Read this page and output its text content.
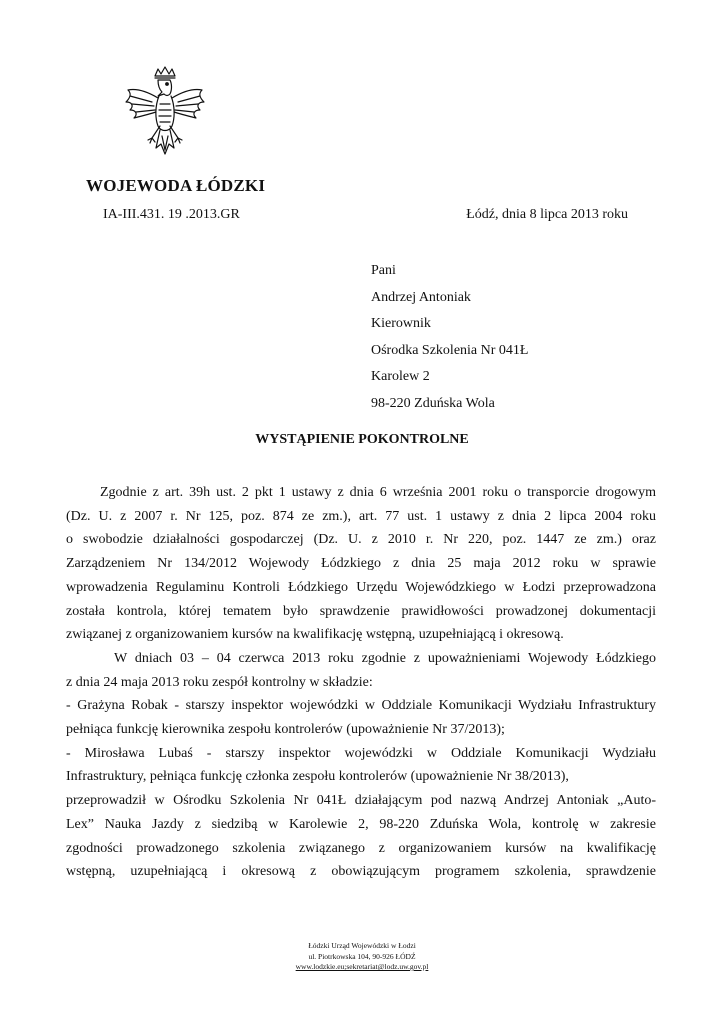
WOJEWODA ŁÓDZKI
IA-III.431. 19 .2013.GR	Łódź, dnia 8 lipca 2013 roku
Pani
Andrzej Antoniak
Kierownik
Ośrodka Szkolenia Nr 041Ł
Karolew 2
98-220 Zduńska Wola
WYSTĄPIENIE POKONTROLNE

Zgodnie z art. 39h ust. 2 pkt 1 ustawy z dnia 6 września 2001 roku o transporcie drogowym

(Dz. U. z 2007 r. Nr 125, poz. 874 ze zm.), art. 77 ust. 1 ustawy z dnia 2 lipca 2004 roku

o swobodzie działalności gospodarczej (Dz. U. z 2010 r. Nr 220, poz. 1447 ze zm.) oraz

Zarządzeniem Nr 134/2012 Wojewody Łódzkiego z dnia 25 maja 2012 roku w sprawie

wprowadzenia Regulaminu Kontroli Łódzkiego Urzędu Wojewódzkiego w Łodzi przeprowadzona

została kontrola, której tematem było sprawdzenie prawidłowości prowadzonej dokumentacji

związanej z organizowaniem kursów na kwalifikację wstępną, uzupełniającą i okresową.

W dniach 03 – 04 czerwca 2013 roku zgodnie z upoważnieniami Wojewody Łódzkiego

z dnia 24 maja 2013 roku zespół kontrolny w składzie:

- Grażyna Robak - starszy inspektor wojewódzki w Oddziale Komunikacji Wydziału Infrastruktury

pełniąca funkcję kierownika zespołu kontrolerów (upoważnienie Nr 37/2013);

- Mirosława Lubaś - starszy inspektor wojewódzki w Oddziale Komunikacji Wydziału

Infrastruktury, pełniąca funkcję członka zespołu kontrolerów (upoważnienie Nr 38/2013),

przeprowadził w Ośrodku Szkolenia Nr 041Ł działającym pod nazwą Andrzej Antoniak „Auto-

Lex” Nauka Jazdy z siedzibą w Karolewie 2, 98-220 Zduńska Wola, kontrolę w zakresie

zgodności prowadzonego szkolenia związanego z organizowaniem kursów na kwalifikację

wstępną, uzupełniającą i okresową z obowiązującym programem szkolenia, sprawdzenie

Łódzki Urząd Wojewódzki w Łodzi
ul. Piotrkowska 104, 90-926 ŁÓDŹ
www.lodzkie.eu;sekretariat@lodz.uw.gov.pl
